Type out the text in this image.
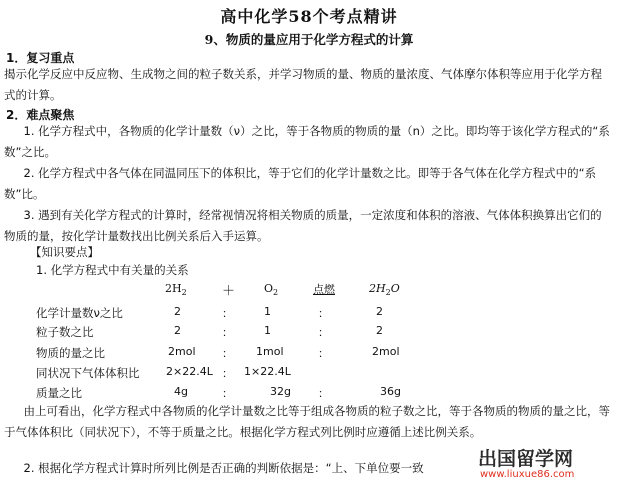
高中化学58个考点精讲
9、物质的量应用于化学方程式的计算
1．复习重点

揭示化学反应中反应物、生成物之间的粒子数关系，并学习物质的量、物质的量浓度、气体摩尔体积等应用于化学方程式的计算。

2．难点聚焦

1. 化学方程式中，各物质的化学计量数（ν）之比，等于各物质的物质的量（n）之比。即均等于该化学方程式的“系数”之比。

2. 化学方程式中各气体在同温同压下的体积比，等于它们的化学计量数之比。即等于各气体在化学方程式中的“系数”比。

3. 遇到有关化学方程式的计算时，经常视情况将相关物质的质量，一定浓度和体积的溶液、气体体积换算出它们的物质的量，按化学计量数找出比例关系后入手运算。

【知识要点】
1. 化学方程式中有关量的关系
$2H_2$	＋	$O_2$	点燃	$2H_2O$
化学计量数ν之比	2	：	1	：	2
粒子数之比	2	：	1	：	2
物质的量之比	2mol ： 1mol	：	2mol
同状况下气体体积比 2×22.4L ： 1×22.4L
质量之比	4g	：	32g ：	36g

由上可看出，化学方程式中各物质的化学计量数之比等于组成各物质的粒子数之比，等于各物质的物质的量之比，等于气体体积比（同状况下），不等于质量之比。根据化学方程式列比例时应遵循上述比例关系。

2. 根据化学方程式计算时所列比例是否正确的判断依据是：“上、下单位要一致	出国留学网
www.liuxue86.com
